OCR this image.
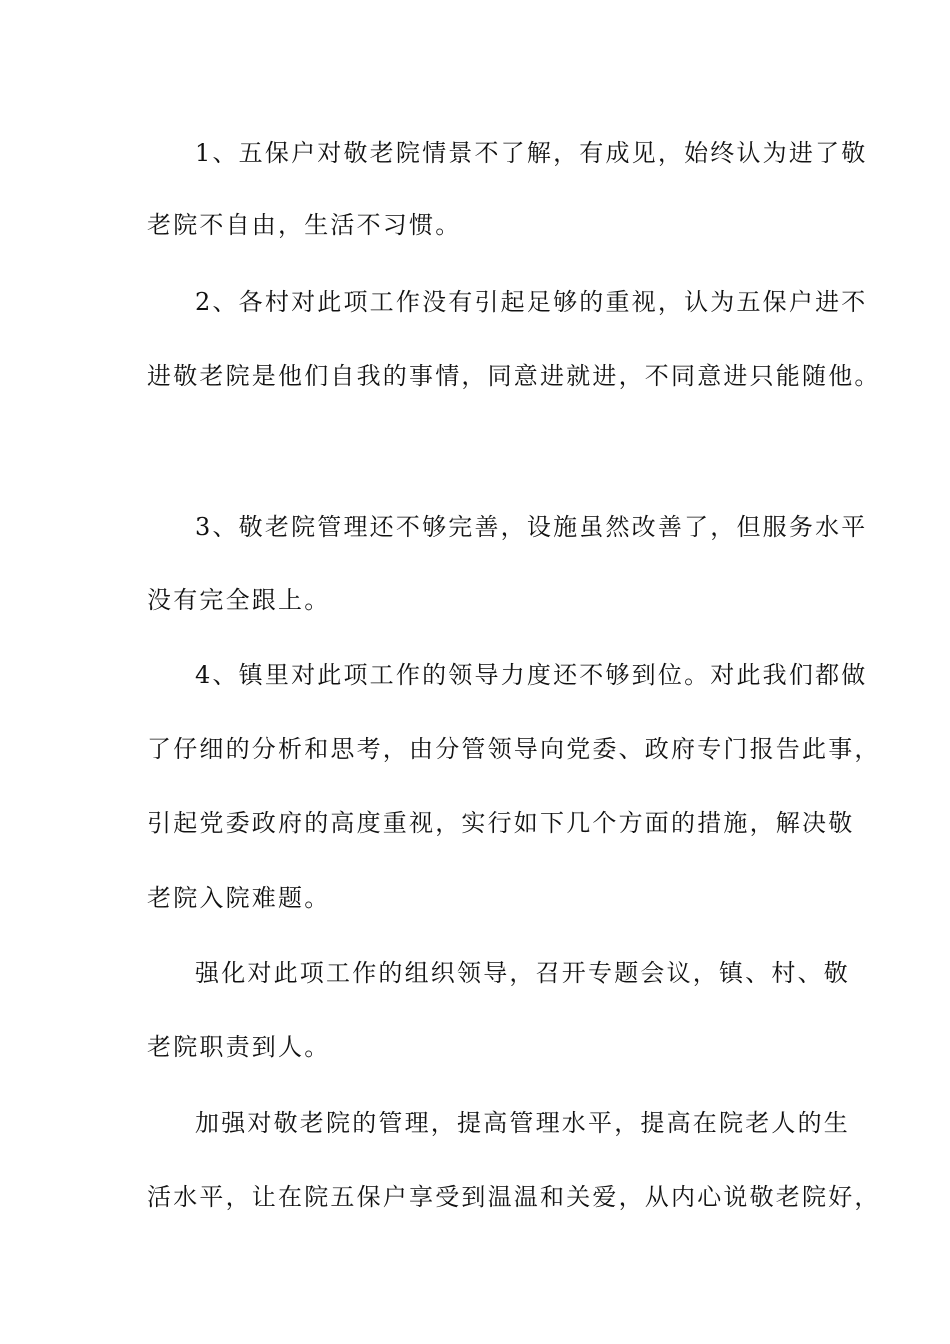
1、五保户对敬老院情景不了解，有成见，始终认为进了敬
老院不自由，生活不习惯。
2、各村对此项工作没有引起足够的重视，认为五保户进不
进敬老院是他们自我的事情，同意进就进，不同意进只能随他。
3、敬老院管理还不够完善，设施虽然改善了，但服务水平
没有完全跟上。
4、镇里对此项工作的领导力度还不够到位。对此我们都做
了仔细的分析和思考，由分管领导向党委、政府专门报告此事，
引起党委政府的高度重视，实行如下几个方面的措施，解决敬
老院入院难题。
强化对此项工作的组织领导，召开专题会议，镇、村、敬
老院职责到人。
加强对敬老院的管理，提高管理水平，提高在院老人的生
活水平，让在院五保户享受到温温和关爱，从内心说敬老院好，
